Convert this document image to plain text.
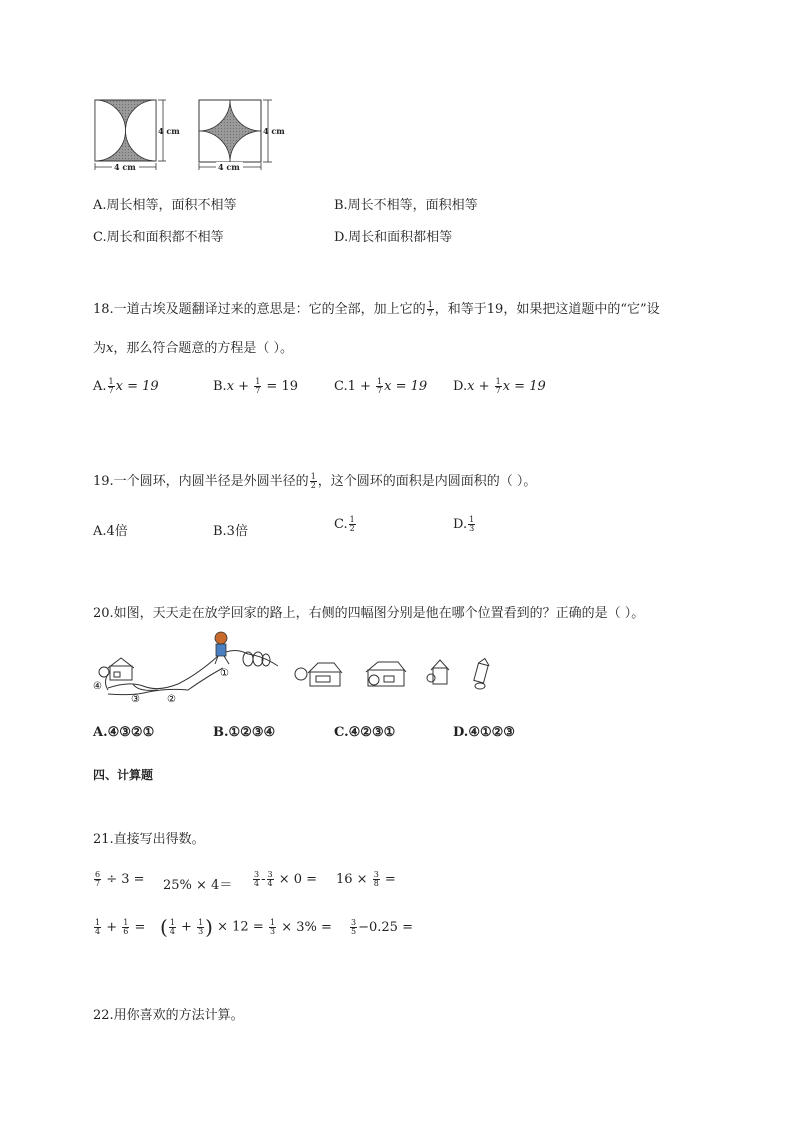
4 cm
4 cm
4 cm
4 cm
A.周长相等，面积不相等	B.周长不相等，面积相等
C.周长和面积都不相等	D.周长和面积都相等
18.一道古埃及题翻译过来的意思是：它的全部，加上它的 $\frac{1}{7}$ ，和等于19，如果把这道题中的“它”设
为x，那么符合题意的方程是（ ）。
A. $\frac{1}{7}$ x = 19	$B.x + \frac{1}{7} = 19$	$C.1 + \frac{1}{7}$ x = 19 $D.x + \frac{1}{7}$ x = 19
19.一个圆环，内圆半径是外圆半径的 $\frac{1}{2}$ ，这个圆环的面积是内圆面积的（ ）。
A.4倍	B.3倍	C. $\frac{1}{2}$	D. $\frac{1}{3}$
20.如图，天天走在放学回家的路上，右侧的四幅图分别是他在哪个位置看到的？正确的是（ ）。
①
②
③
④
A.④③②①	B.①②③④	C.④②③①	D.④①②③
四、计算题
21.直接写出得数。
$\frac{6}{7} \div 3 = 25\% \times 4=$	$\frac{3}{4} - \frac{3}{4} \times 0 = 16 \times \frac{3}{8}$ =
$\frac{1}{4} + \frac{1}{6}$ = ( $\frac{1}{4} + \frac{1}{3}$ ) × $12 = \frac{1}{3} \times 3\% = \frac{3}{5} -0.25$ =
22.用你喜欢的方法计算。
